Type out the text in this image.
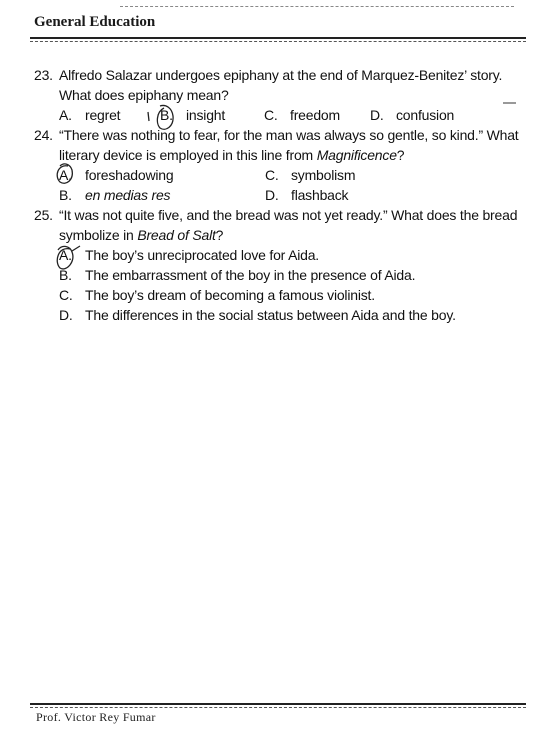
General Education
23. Alfredo Salazar undergoes epiphany at the end of Marquez-Benitez’ story.
What does epiphany mean?
A. regret	B. insight	C. freedom D. confusion
24. “There was nothing to fear, for the man was always so gentle, so kind.” What
literary device is employed in this line from Magnificence?
A. foreshadowing	C. symbolism
B. en medias res	D. flashback
25. “It was not quite five, and the bread was not yet ready.” What does the bread
symbolize in Bread of Salt?
A. The boy’s unreciprocated love for Aida.
B. The embarrassment of the boy in the presence of Aida.
C. The boy’s dream of becoming a famous violinist.
D. The differences in the social status between Aida and the boy.
Prof. Victor Rey Fumar
